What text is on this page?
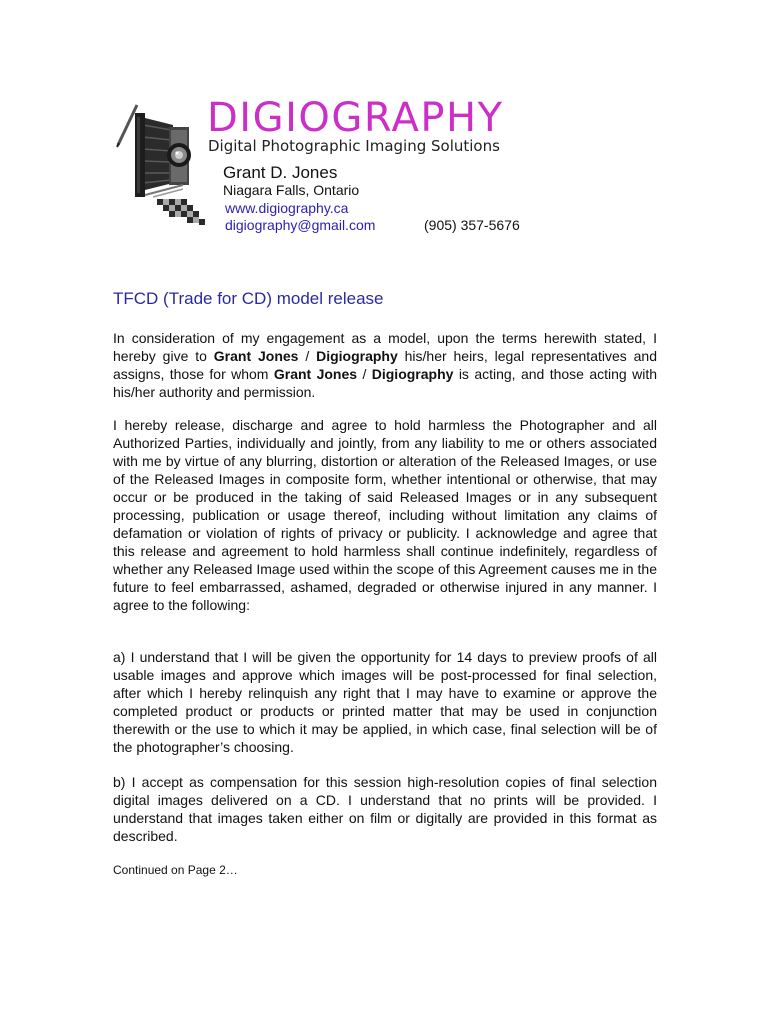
DIGIOGRAPHY
Digital Photographic Imaging Solutions
Grant D. Jones
Niagara Falls, Ontario
www.digiography.ca
digiography@gmail.com	(905) 357-5676
TFCD (Trade for CD) model release

In consideration of my engagement as a model, upon the terms herewith stated, I hereby give to Grant Jones / Digiography his/her heirs, legal representatives and assigns, those for whom Grant Jones / Digiography is acting, and those acting with his/her authority and permission.

I hereby release, discharge and agree to hold harmless the Photographer and all Authorized Parties, individually and jointly, from any liability to me or others associated with me by virtue of any blurring, distortion or alteration of the Released Images, or use of the Released Images in composite form, whether intentional or otherwise, that may occur or be produced in the taking of said Released Images or in any subsequent processing, publication or usage thereof, including without limitation any claims of defamation or violation of rights of privacy or publicity. I acknowledge and agree that this release and agreement to hold harmless shall continue indefinitely, regardless of whether any Released Image used within the scope of this Agreement causes me in the future to feel embarrassed, ashamed, degraded or otherwise injured in any manner. I agree to the following:

a) I understand that I will be given the opportunity for 14 days to preview proofs of all usable images and approve which images will be post-processed for final selection, after which I hereby relinquish any right that I may have to examine or approve the completed product or products or printed matter that may be used in conjunction therewith or the use to which it may be applied, in which case, final selection will be of the photographer’s choosing.

b) I accept as compensation for this session high-resolution copies of final selection digital images delivered on a CD. I understand that no prints will be provided. I understand that images taken either on film or digitally are provided in this format as described.

Continued on Page 2…
